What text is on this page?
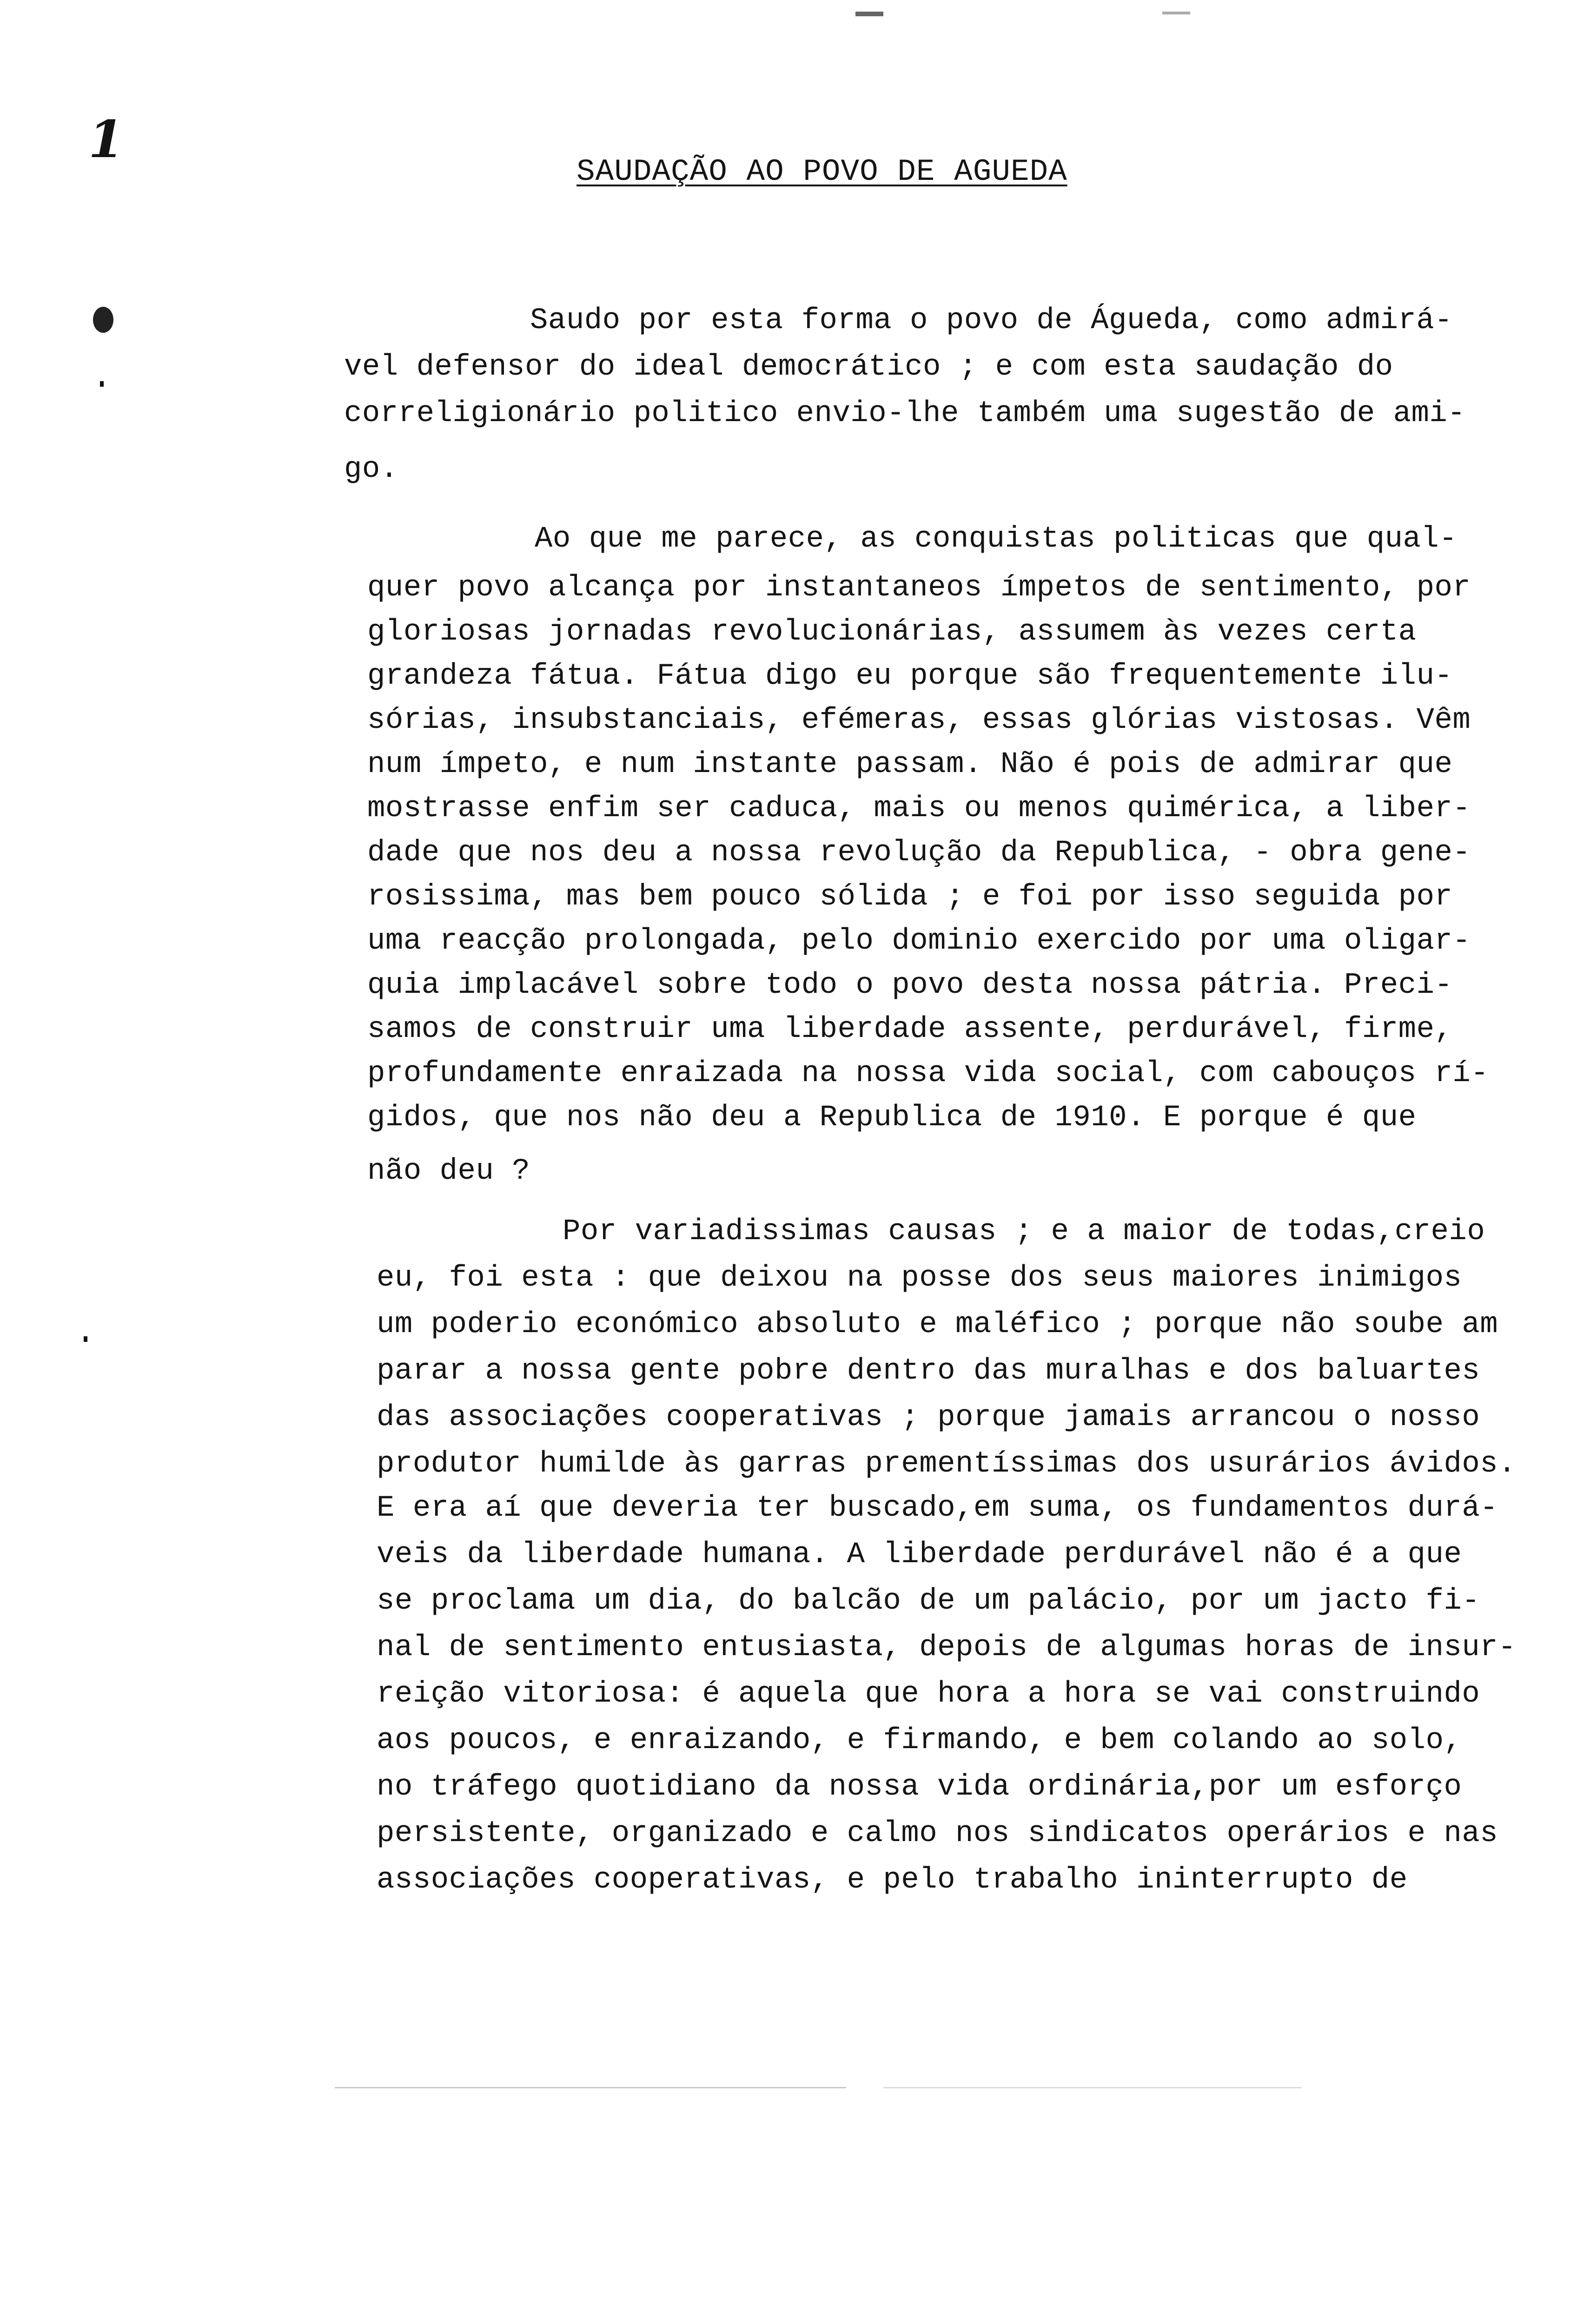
1
SAUDAÇÃO AO POVO DE AGUEDA
Saudo por esta forma o povo de Águeda, como admirá-
vel defensor do ideal democrático ; e com esta saudação do
correligionário politico envio-lhe também uma sugestão de ami-
go.
Ao que me parece, as conquistas politicas que qual-
quer povo alcança por instantaneos ímpetos de sentimento, por
gloriosas jornadas revolucionárias, assumem às vezes certa
grandeza fátua. Fátua digo eu porque são frequentemente ilu-
sórias, insubstanciais, efémeras, essas glórias vistosas. Vêm
num ímpeto, e num instante passam. Não é pois de admirar que
mostrasse enfim ser caduca, mais ou menos quimérica, a liber-
dade que nos deu a nossa revolução da Republica, - obra gene-
rosissima, mas bem pouco sólida ; e foi por isso seguida por
uma reacção prolongada, pelo dominio exercido por uma oligar-
quia implacável sobre todo o povo desta nossa pátria. Preci-
samos de construir uma liberdade assente, perdurável, firme,
profundamente enraizada na nossa vida social, com cabouços rí-
gidos, que nos não deu a Republica de 1910. E porque é que
não deu ?
Por variadissimas causas ; e a maior de todas,creio
eu, foi esta : que deixou na posse dos seus maiores inimigos
um poderio económico absoluto e maléfico ; porque não soube am
parar a nossa gente pobre dentro das muralhas e dos baluartes
das associações cooperativas ; porque jamais arrancou o nosso
produtor humilde às garras prementíssimas dos usurários ávidos.
E era aí que deveria ter buscado,em suma, os fundamentos durá-
veis da liberdade humana. A liberdade perdurável não é a que
se proclama um dia, do balcão de um palácio, por um jacto fi-
nal de sentimento entusiasta, depois de algumas horas de insur-
reição vitoriosa: é aquela que hora a hora se vai construindo
aos poucos, e enraizando, e firmando, e bem colando ao solo,
no tráfego quotidiano da nossa vida ordinária,por um esforço
persistente, organizado e calmo nos sindicatos operários e nas
associações cooperativas, e pelo trabalho ininterrupto de
